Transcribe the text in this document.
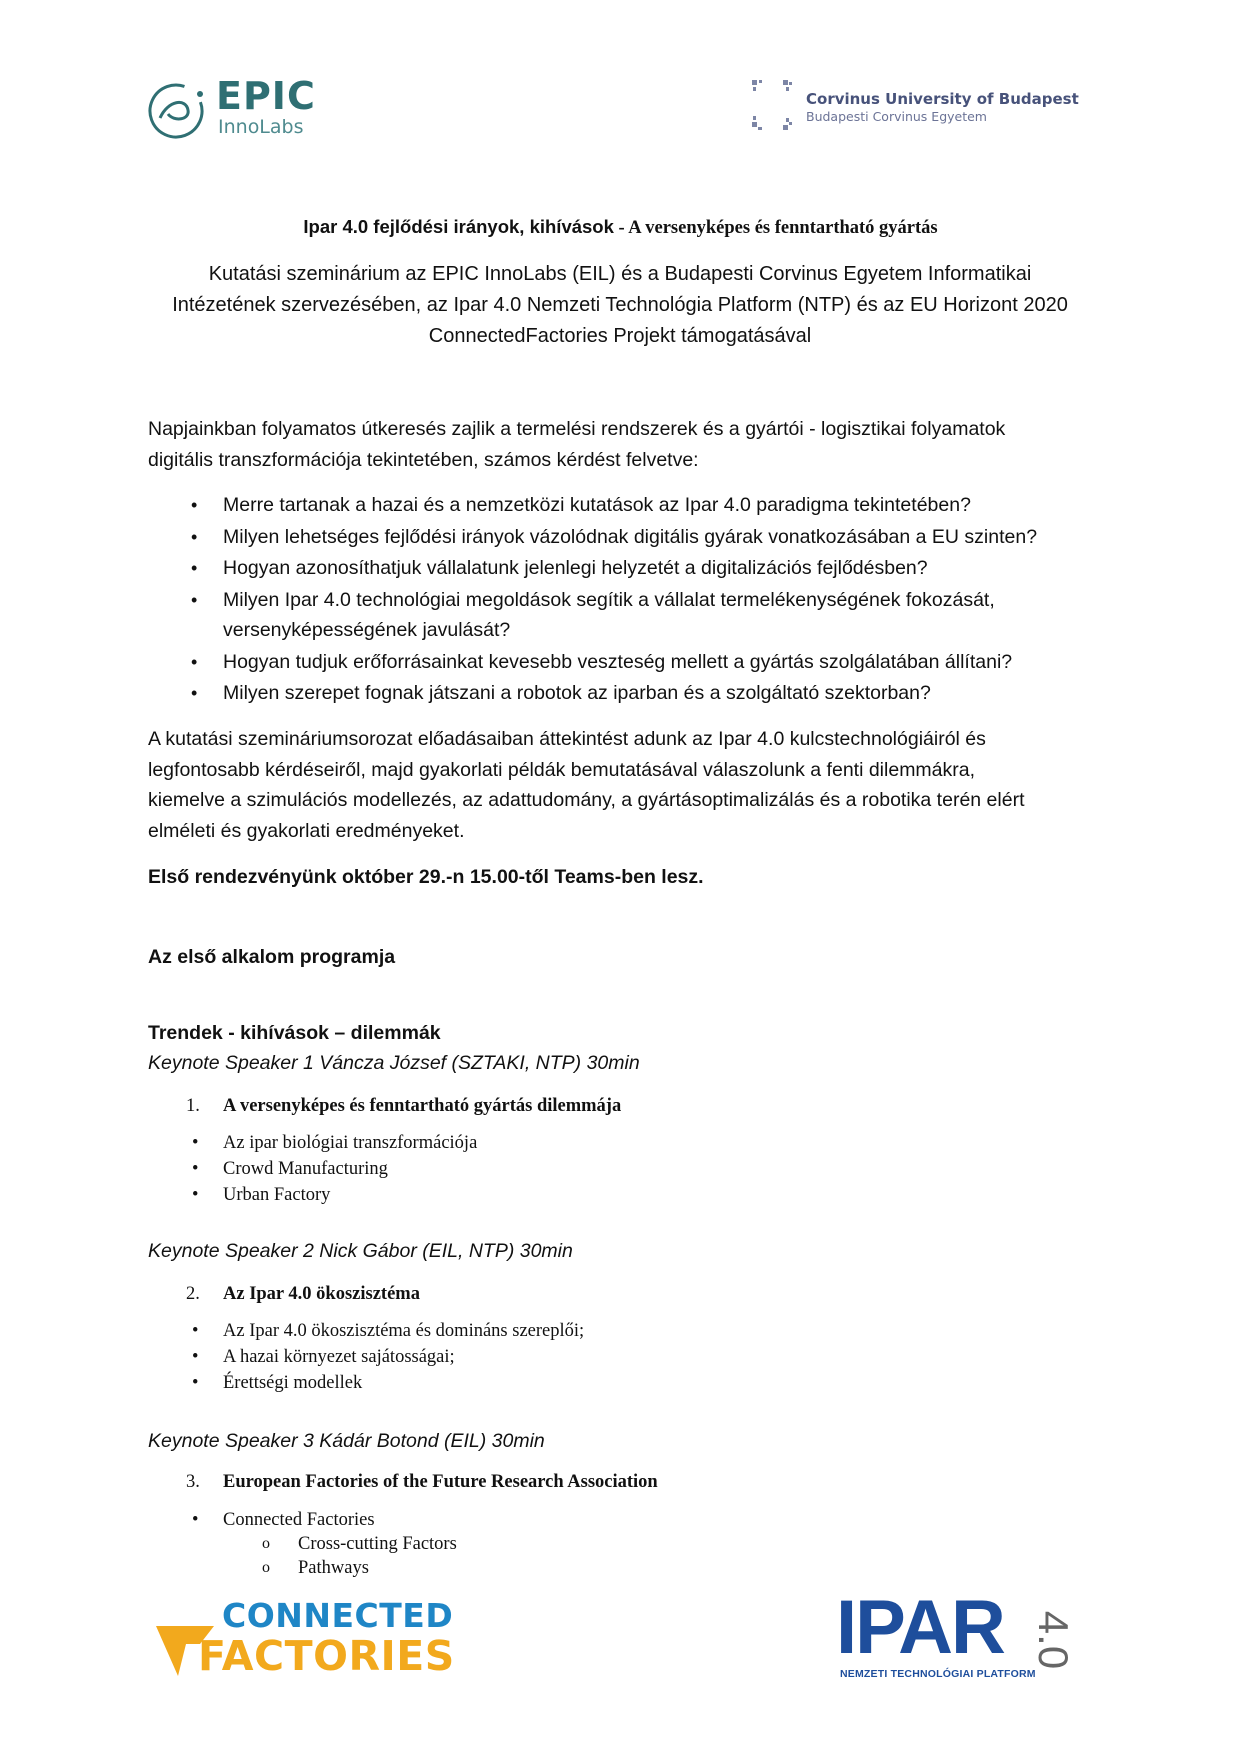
EPIC
InnoLabs
Corvinus University of Budapest
Budapesti Corvinus Egyetem
Ipar 4.0 fejlődési irányok, kihívások - A versenyképes és fenntartható gyártás
Kutatási szeminárium az EPIC InnoLabs (EIL) és a Budapesti Corvinus Egyetem Informatikai
Intézetének szervezésében, az Ipar 4.0 Nemzeti Technológia Platform (NTP) és az EU Horizont 2020
ConnectedFactories Projekt támogatásával
Napjainkban folyamatos útkeresés zajlik a termelési rendszerek és a gyártói - logisztikai folyamatok
digitális transzformációja tekintetében, számos kérdést felvetve:
• Merre tartanak a hazai és a nemzetközi kutatások az Ipar 4.0 paradigma tekintetében?
• Milyen lehetséges fejlődési irányok vázolódnak digitális gyárak vonatkozásában a EU szinten?
• Hogyan azonosíthatjuk vállalatunk jelenlegi helyzetét a digitalizációs fejlődésben?
• Milyen Ipar 4.0 technológiai megoldások segítik a vállalat termelékenységének fokozását,
versenyképességének javulását?
• Hogyan tudjuk erőforrásainkat kevesebb veszteség mellett a gyártás szolgálatában állítani?
• Milyen szerepet fognak játszani a robotok az iparban és a szolgáltató szektorban?
A kutatási szemináriumsorozat előadásaiban áttekintést adunk az Ipar 4.0 kulcstechnológiáiról és
legfontosabb kérdéseiről, majd gyakorlati példák bemutatásával válaszolunk a fenti dilemmákra,
kiemelve a szimulációs modellezés, az adattudomány, a gyártásoptimalizálás és a robotika terén elért
elméleti és gyakorlati eredményeket.
Első rendezvényünk október 29.-n 15.00-től Teams-ben lesz.
Az első alkalom programja
Trendek - kihívások – dilemmák
Keynote Speaker 1 Váncza József (SZTAKI, NTP) 30min
1. A versenyképes és fenntartható gyártás dilemmája
• Az ipar biológiai transzformációja
• Crowd Manufacturing
• Urban Factory
Keynote Speaker 2 Nick Gábor (EIL, NTP) 30min
2. Az Ipar 4.0 ökoszisztéma
• Az Ipar 4.0 ökoszisztéma és domináns szereplői;
• A hazai környezet sajátosságai;
• Érettségi modellek
Keynote Speaker 3 Kádár Botond (EIL) 30min
3. European Factories of the Future Research Association
• Connected Factories
o Cross-cutting Factors
o Pathways
CONNECTED
FACTORIES	IPAR
NEMZETI TECHNOLÓGIAI PLATFORM
4.0
